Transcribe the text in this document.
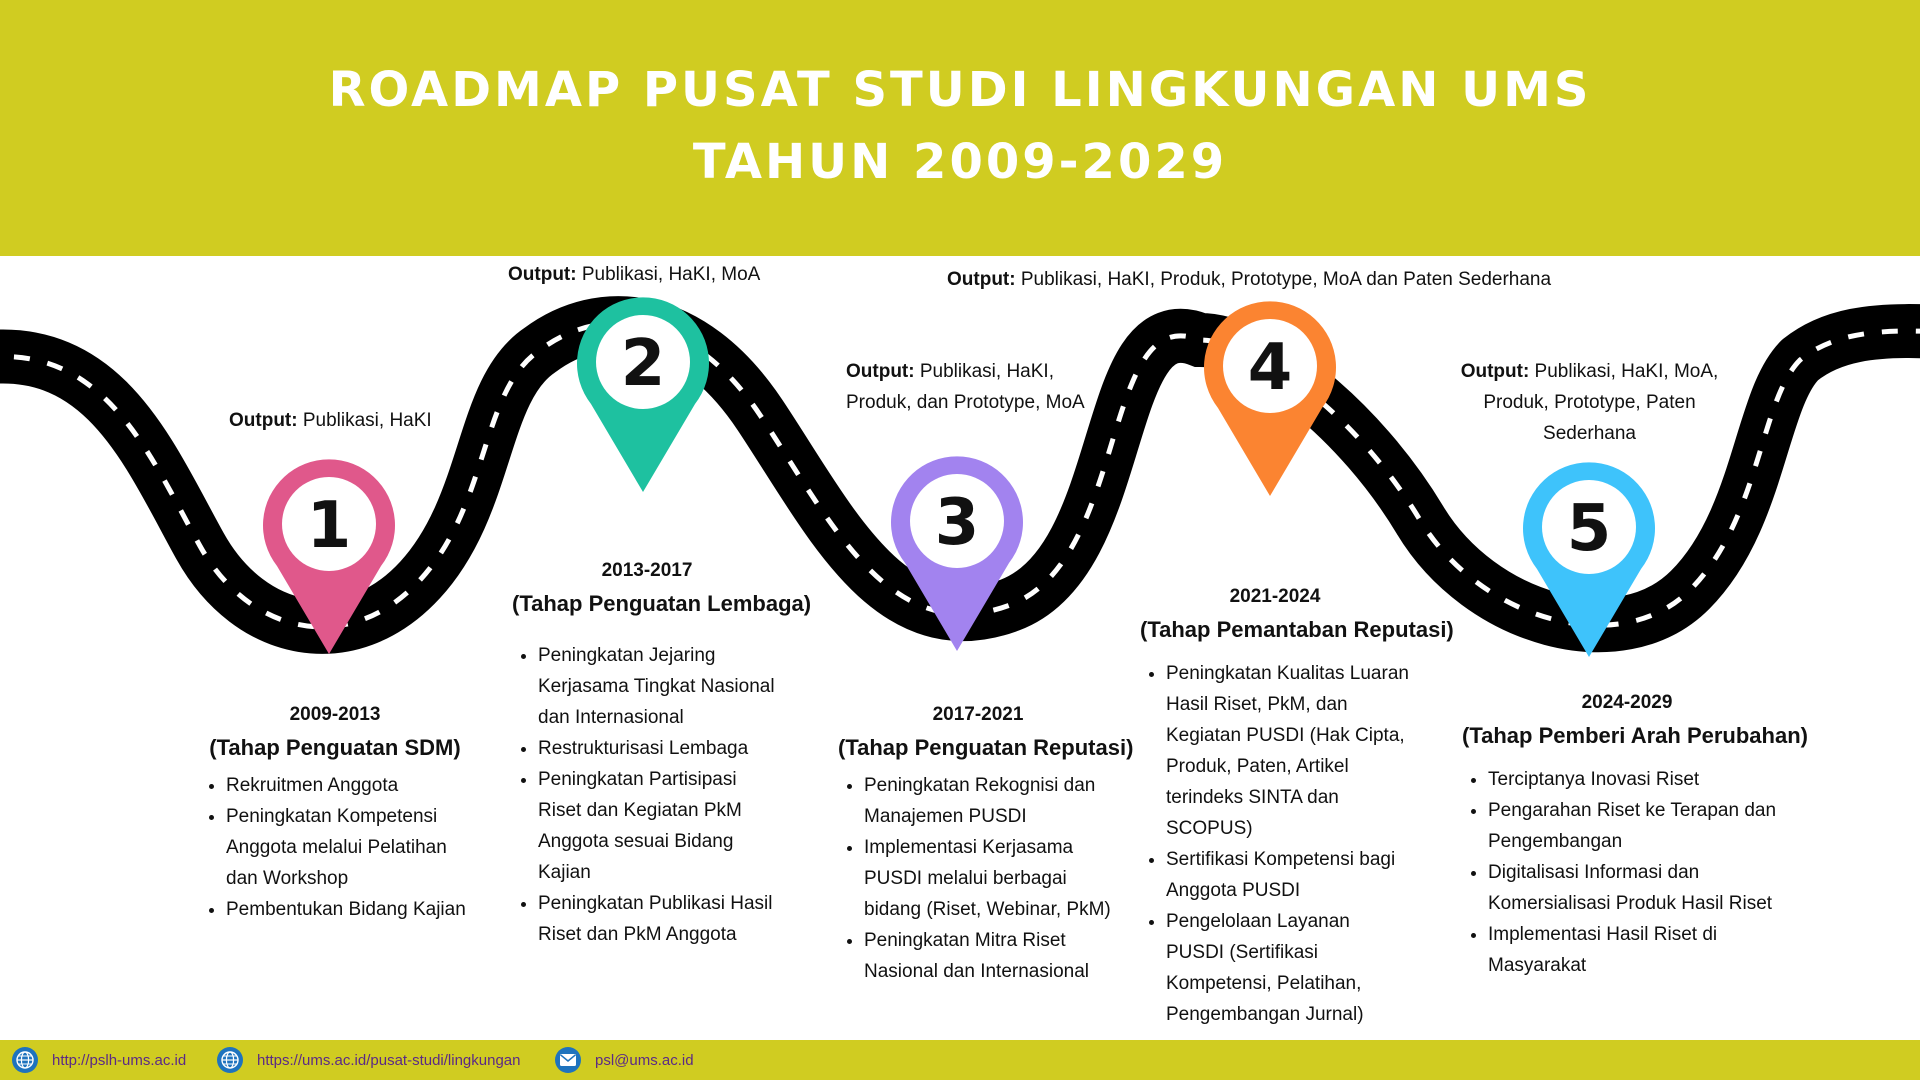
ROADMAP PUSAT STUDI LINGKUNGAN UMS
TAHUN 2009-2029
1
2
3
4
5
Output: Publikasi, HaKI
Output: Publikasi, HaKI, MoA
Output: Publikasi, HaKI, Produk, dan Prototype, MoA
Output: Publikasi, HaKI, Produk, Prototype, MoA dan Paten Sederhana
Output: Publikasi, HaKI, MoA, Produk, Prototype, Paten Sederhana
2009-2013
(Tahap Penguatan SDM)
• Rekruitmen Anggota
• Peningkatan Kompetensi Anggota melalui Pelatihan dan Workshop
• Pembentukan Bidang Kajian
2013-2017
(Tahap Penguatan Lembaga)
• Peningkatan Jejaring Kerjasama Tingkat Nasional dan Internasional
• Restrukturisasi Lembaga
• Peningkatan Partisipasi Riset dan Kegiatan PkM Anggota sesuai Bidang Kajian
• Peningkatan Publikasi Hasil Riset dan PkM Anggota
2017-2021
(Tahap Penguatan Reputasi)
• Peningkatan Rekognisi dan Manajemen PUSDI
• Implementasi Kerjasama PUSDI melalui berbagai bidang (Riset, Webinar, PkM)
• Peningkatan Mitra Riset Nasional dan Internasional
2021-2024
(Tahap Pemantaban Reputasi)
• Peningkatan Kualitas Luaran Hasil Riset, PkM, dan Kegiatan PUSDI (Hak Cipta, Produk, Paten, Artikel terindeks SINTA dan SCOPUS)
• Sertifikasi Kompetensi bagi Anggota PUSDI
• Pengelolaan Layanan PUSDI (Sertifikasi Kompetensi, Pelatihan, Pengembangan Jurnal)
2024-2029
(Tahap Pemberi Arah Perubahan)
• Terciptanya Inovasi Riset
• Pengarahan Riset ke Terapan dan Pengembangan
• Digitalisasi Informasi dan Komersialisasi Produk Hasil Riset
• Implementasi Hasil Riset di Masyarakat
http://pslh-ums.ac.id	https://ums.ac.id/pusat-studi/lingkungan	psl@ums.ac.id
